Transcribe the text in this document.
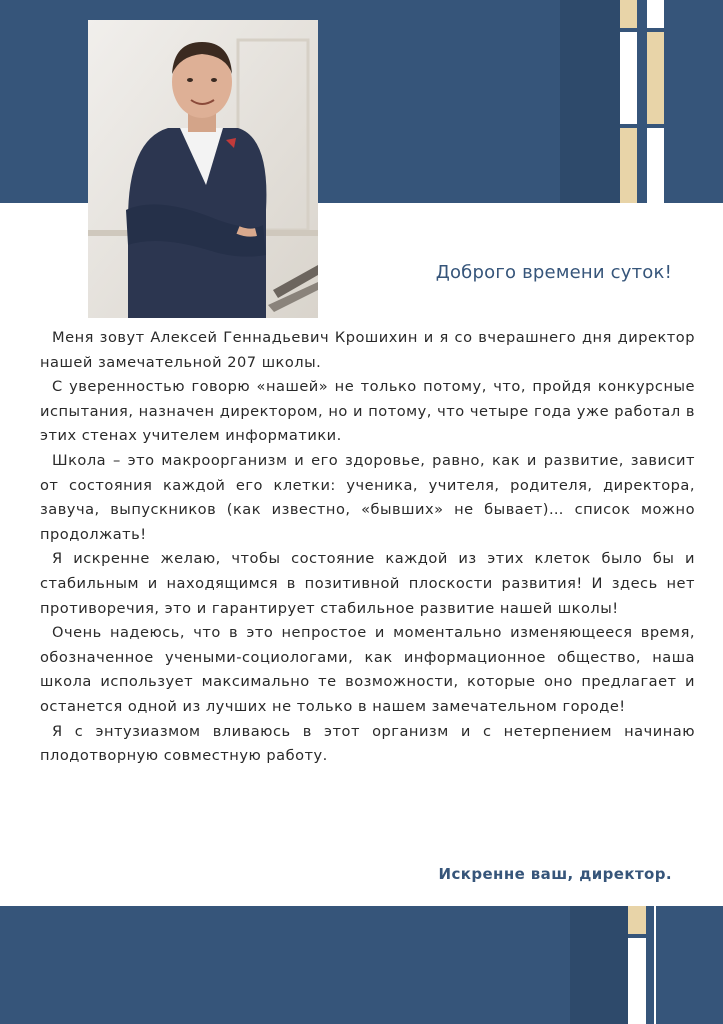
Доброго времени суток!

Меня зовут Алексей Геннадьевич Крошихин и я со вчерашнего дня директор нашей замечательной 207 школы.

С уверенностью говорю «нашей» не только потому, что, пройдя конкурсные испытания, назначен директором, но и потому, что четыре года уже работал в этих стенах учителем информатики.

Школа – это макроорганизм и его здоровье, равно, как и развитие, зависит от состояния каждой его клетки: ученика, учителя, родителя, директора, завуча, выпускников (как известно, «бывших» не бывает)… список можно продолжать!

Я искренне желаю, чтобы состояние каждой из этих клеток было бы и стабильным и находящимся в позитивной плоскости развития! И здесь нет противоречия, это и гарантирует стабильное развитие нашей школы!

Очень надеюсь, что в это непростое и моментально изменяющееся время, обозначенное учеными-социологами, как информационное общество, наша школа использует максимально те возможности, которые оно предлагает и останется одной из лучших не только в нашем замечательном городе!

Я с энтузиазмом вливаюсь в этот организм и с нетерпением начинаю плодотворную совместную работу.

Искренне ваш, директор.
